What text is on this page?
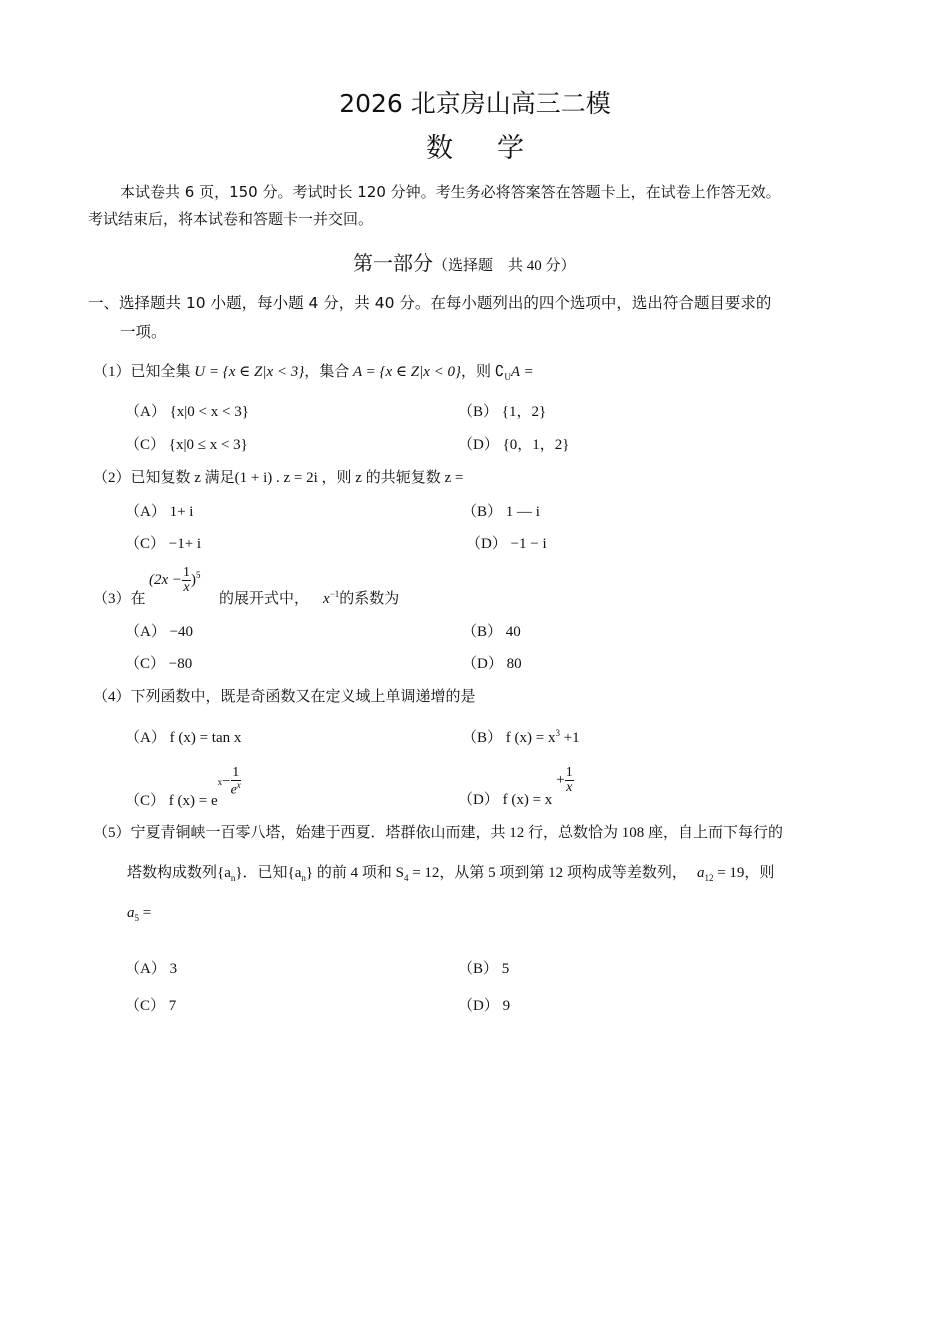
2026 北京房山高三二模
数学
本试卷共 6 页，150 分。考试时长 120 分钟。考生务必将答案答在答题卡上，在试卷上作答无效。
考试结束后，将本试卷和答题卡一并交回。
第一部分（选择题　共 40 分）
一、选择题共 10 小题，每小题 4 分，共 40 分。在每小题列出的四个选项中，选出符合题目要求的
一项。
（1）已知全集 U = {x ∈ Z|x < 3}，集合 A = {x ∈ Z|x < 0}，则 $∁_UA$ =
（A） {x|0 < x < 3}	（B） {1，2}
（C） {x|0 ≤ x < 3}	（D） {0，1，2}
（2）已知复数 z 满足(1 + i) . z = 2i ，则 z 的共轭复数 z =
（A） 1+ i	（B） 1 — i
（C） −1+ i	（D） −1 − i
（3）在
$(2x - \frac{1}{x} )^5$
的展开式中， $x^{-1}$的系数为
（A） −40	（B） 40
（C） −80	（D） 80
（4）下列函数中，既是奇函数又在定义域上单调递增的是
（A） f (x) = tan x	（B） f $(x) = x^3 +1$
（C） f $(x) = e^x- \frac{1}{e^x}$
（D） f $(x) = x+ \frac{1}{x}$
（5）宁夏青铜峡一百零八塔，始建于西夏．塔群依山而建，共 12 行，总数恰为 108 座，自上而下每行的
塔数构成数列$\{a_n\}$．已知$\{a_n\}$ 的前 4 项和 $S_4 = 12$，从第 5 项到第 12 项构成等差数列， $a_{12} = 19$，则
$a_5$ =
（A） 3	（B） 5
（C） 7	（D） 9
